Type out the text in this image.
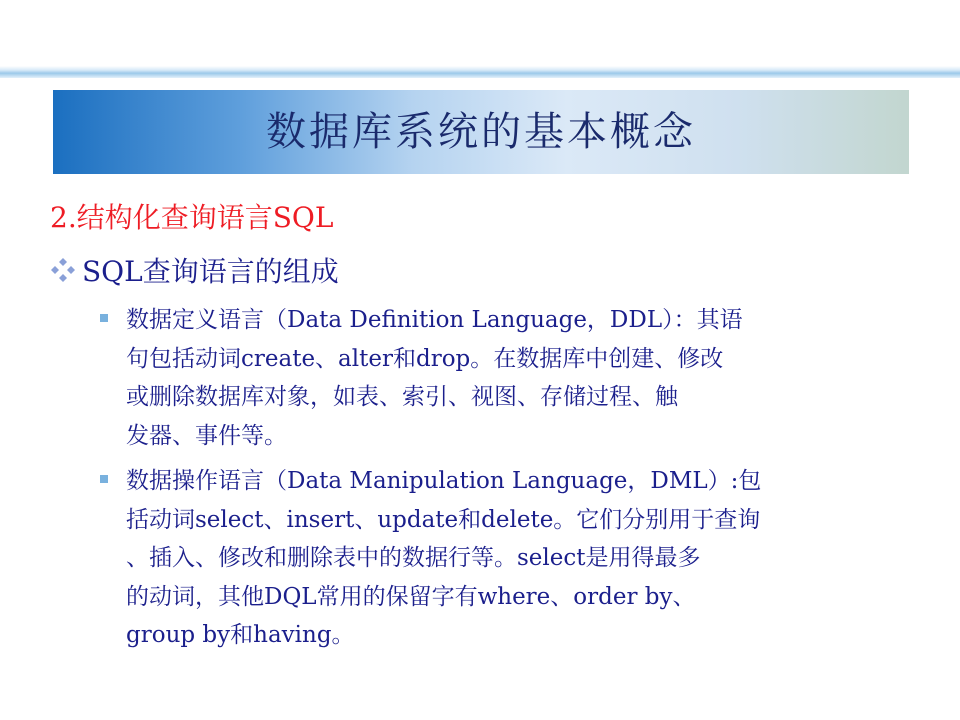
数据库系统的基本概念
2.结构化查询语言SQL
SQL查询语言的组成
数据定义语言（Data Definition Language，DDL）：其语
句包括动词create、alter和drop。在数据库中创建、修改
或删除数据库对象，如表、索引、视图、存储过程、触
发器、事件等。
数据操作语言（Data Manipulation Language，DML）:包
括动词select、insert、update和delete。它们分别用于查询
、插入、修改和删除表中的数据行等。select是用得最多
的动词，其他DQL常用的保留字有where、order by、
group by和having。
